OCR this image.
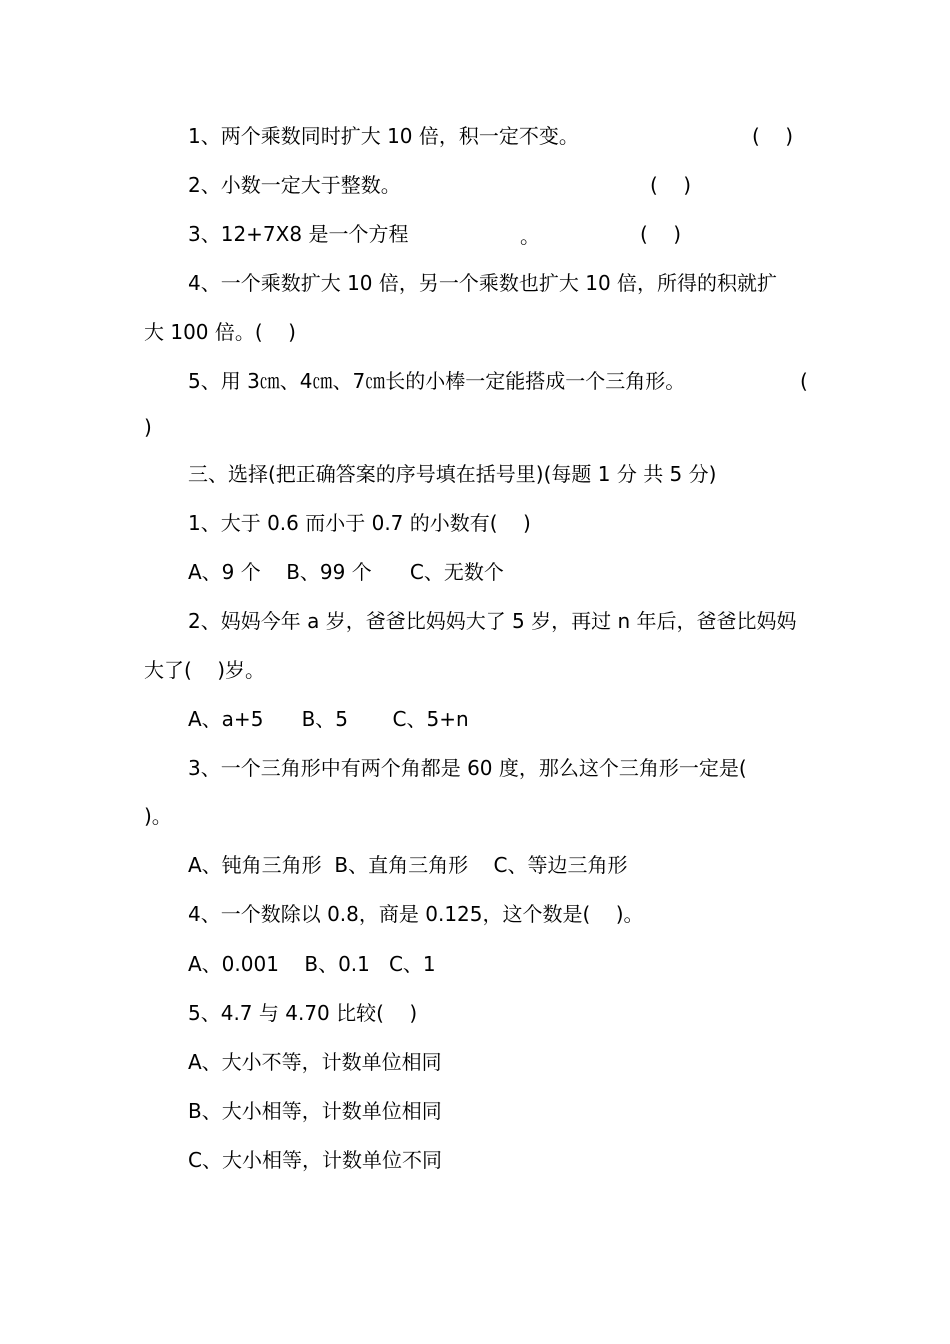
1、两个乘数同时扩大 10 倍，积一定不变。	(    )
2、小数一定大于整数。	(    )
3、12+7X8 是一个方程	。	(    )
4、一个乘数扩大 10 倍，另一个乘数也扩大 10 倍，所得的积就扩
大 100 倍。(    )
5、用 3㎝、4㎝、7㎝长的小棒一定能搭成一个三角形。	(
)
三、选择(把正确答案的序号填在括号里)(每题 1 分 共 5 分)
1、大于 0.6 而小于 0.7 的小数有(    )
A、9 个    B、99 个      C、无数个
2、妈妈今年 a 岁，爸爸比妈妈大了 5 岁，再过 n 年后，爸爸比妈妈
大了(    )岁。
A、a+5      B、5       C、5+n
3、一个三角形中有两个角都是 60 度，那么这个三角形一定是(
)。
A、钝角三角形  B、直角三角形    C、等边三角形
4、一个数除以 0.8，商是 0.125，这个数是(    )。
A、0.001    B、0.1   C、1
5、4.7 与 4.70 比较(    )
A、大小不等，计数单位相同
B、大小相等，计数单位相同
C、大小相等，计数单位不同
